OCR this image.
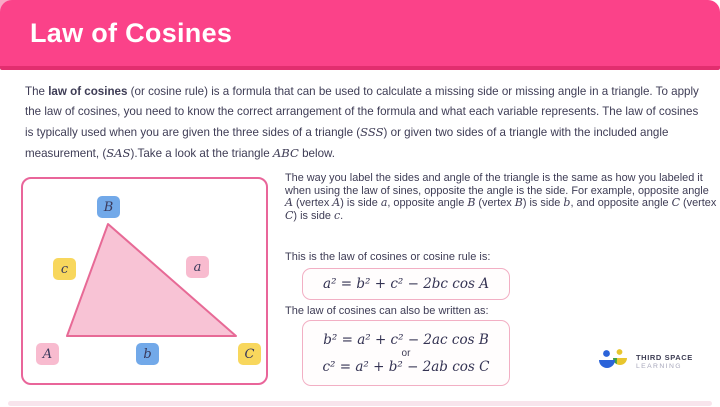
Law of Cosines

The law of cosines (or cosine rule) is a formula that can be used to calculate a missing side or missing angle in a triangle. To apply the law of cosines, you need to know the correct arrangement of the formula and what each variable represents. The law of cosines is typically used when you are given the three sides of a triangle (SSS) or given two sides of a triangle with the included angle measurement, (SAS).Take a look at the triangle ABC below.

B
c	a
A	b	C

The way you label the sides and angle of the triangle is the same as how you labeled it when using the law of sines, opposite the angle is the side. For example, opposite angle A (vertex A) is side a, opposite angle B (vertex B) is side b, and opposite angle C (vertex C) is side c.

This is the law of cosines or cosine rule is:
a² = b² + c² − 2bc cos A
The law of cosines can also be written as:
b² = a² + c² − 2ac cos B
or
c² = a² + b² − 2ab cos C
THIRD SPACE
LEARNING
